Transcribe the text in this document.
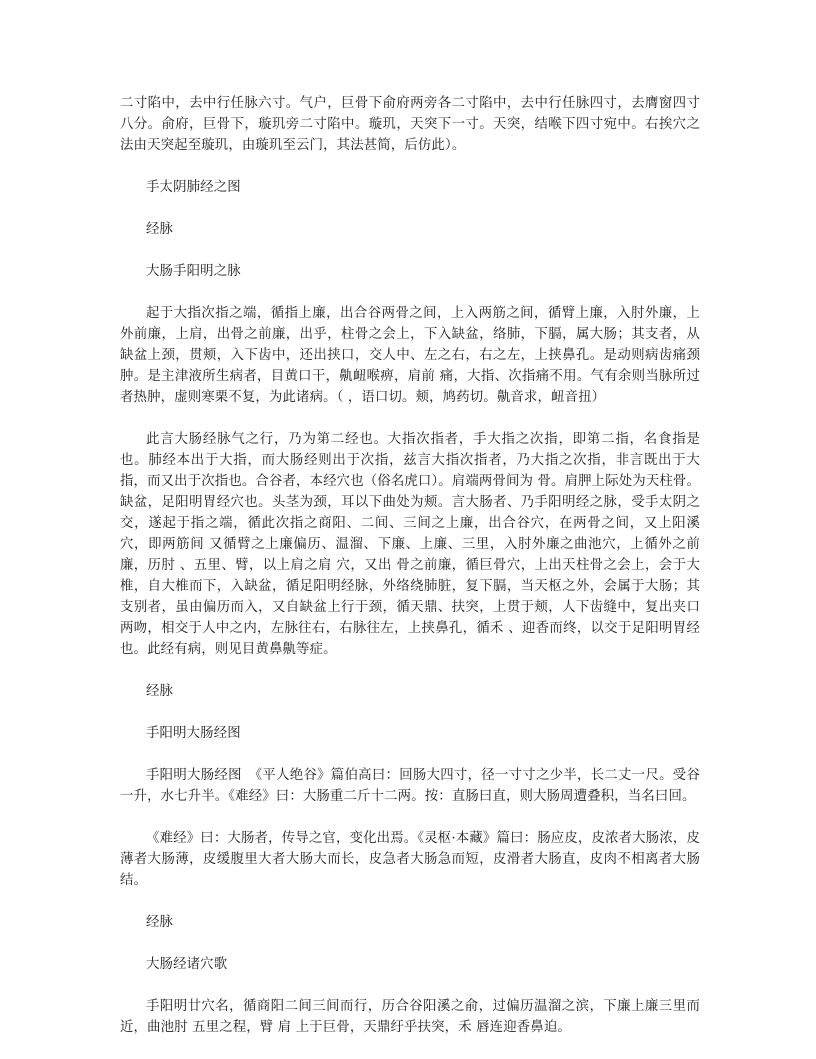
二寸陷中，去中行任脉六寸。气户，巨骨下俞府两旁各二寸陷中，去中行任脉四寸，去膺窗四寸八分。俞府，巨骨下，璇玑旁二寸陷中。璇玑，天突下一寸。天突，结喉下四寸宛中。右挨穴之法由天突起至璇玑，由璇玑至云门，其法甚简，后仿此）。

手太阴肺经之图
经脉
大肠手阳明之脉

起于大指次指之端，循指上廉，出合谷两骨之间，上入两筋之间，循臂上廉，入肘外廉，上 外前廉，上肩，出骨之前廉，出乎，柱骨之会上，下入缺盆，络肺，下膈，属大肠；其支者，从缺盆上颈，贯颊，入下齿中，还出挟口，交人中、左之右，右之左，上挟鼻孔。是动则病齿痛颈肿。是主津液所生病者，目黄口干，鼽衄喉痹，肩前 痛，大指、次指痛不用。气有余则当脉所过者热肿，虚则寒栗不复，为此诸病。（ ，语口切。颊，鸠药切。鼽音求，衄音扭）

此言大肠经脉气之行，乃为第二经也。大指次指者，手大指之次指，即第二指，名食指是也。肺经本出于大指，而大肠经则出于次指，兹言大指次指者，乃大指之次指，非言既出于大指，而又出于次指也。合谷者，本经穴也（俗名虎口）。肩端两骨间为 骨。肩胛上际处为天柱骨。缺盆，足阳明胃经穴也。头茎为颈，耳以下曲处为颊。言大肠者、乃手阳明经之脉，受手太阴之交，遂起于指之端，循此次指之商阳、二间、三间之上廉，出合谷穴，在两骨之间，又上阳溪穴，即两筋间 又循臂之上廉偏历、温溜、下廉、上廉、三里，入肘外廉之曲池穴，上循外之前廉，历肘 、五里、臂，以上肩之肩 穴，又出 骨之前廉，循巨骨穴，上出天柱骨之会上，会于大椎，自大椎而下，入缺盆，循足阳明经脉，外络绕肺脏，复下膈，当天枢之外，会属于大肠；其支别者，虽由偏历而入，又自缺盆上行于颈，循天鼎、扶突，上贯于颊，人下齿缝中，复出夹口两吻，相交于人中之内，左脉往右，右脉往左，上挟鼻孔，循禾 、迎香而终，以交于足阳明胃经也。此经有病，则见目黄鼻鼽等症。

经脉
手阳明大肠经图

手阳明大肠经图　《平人绝谷》篇伯高曰：回肠大四寸，径一寸寸之少半，长二丈一尺。受谷一升，水七升半。《难经》曰：大肠重二斤十二两。按：直肠曰直，则大肠周遭叠积，当名曰回。

《难经》曰：大肠者，传导之官，变化出焉。《灵枢·本藏》篇曰：肠应皮，皮浓者大肠浓，皮薄者大肠薄，皮缓腹里大者大肠大而长，皮急者大肠急而短，皮滑者大肠直，皮肉不相离者大肠结。

经脉
大肠经诸穴歌

手阳明廿穴名，循商阳二间三间而行，历合谷阳溪之俞，过偏历温溜之滨，下廉上廉三里而近，曲池肘 五里之程，臂 肩 上于巨骨，天鼎纡乎扶突，禾 唇连迎香鼻迫。
